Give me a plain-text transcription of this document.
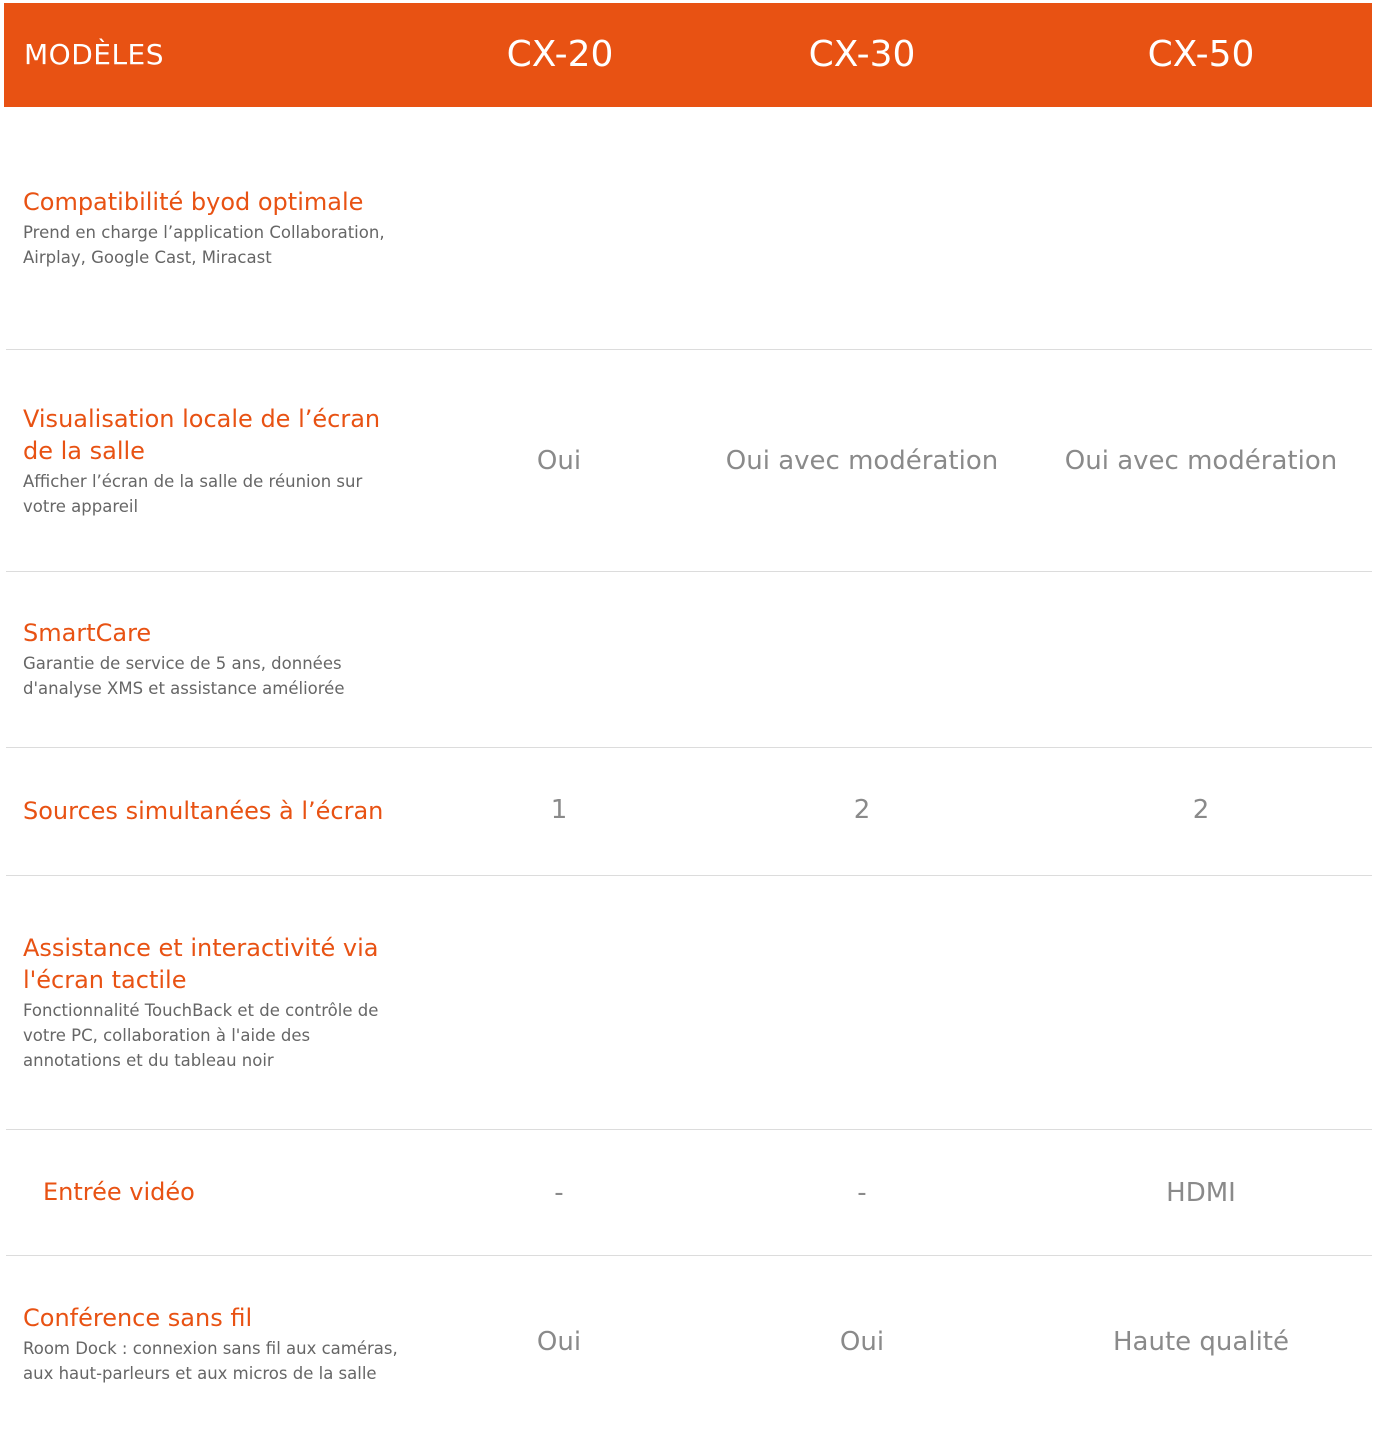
MODÈLES	CX-20	CX-30	CX-50
Compatibilité byod optimale
Prend en charge l’application Collaboration, Airplay, Google Cast, Miracast
Visualisation locale de l’écran de la salle
Afficher l’écran de la salle de réunion sur votre appareil
Oui	Oui avec modération	Oui avec modération
SmartCare
Garantie de service de 5 ans, données d'analyse XMS et assistance améliorée
Sources simultanées à l’écran	1	2	2
Assistance et interactivité via l'écran tactile
Fonctionnalité TouchBack et de contrôle de votre PC, collaboration à l'aide des annotations et du tableau noir
Entrée vidéo	-	-	HDMI
Conférence sans fil
Room Dock : connexion sans fil aux caméras, aux haut-parleurs et aux micros de la salle
Oui	Oui	Haute qualité
